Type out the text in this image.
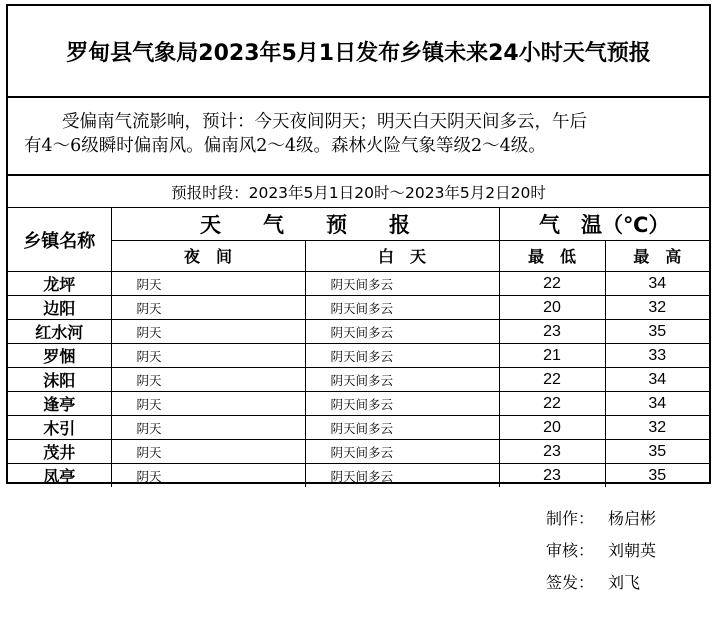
罗甸县气象局2023年5月1日发布乡镇未来24小时天气预报
受偏南气流影响，预计：今天夜间阴天；明天白天阴天间多云，午后
有4～6级瞬时偏南风。偏南风2～4级。森林火险气象等级2～4级。
预报时段：2023年5月1日20时～2023年5月2日20时
乡镇名称	天　　气　　预　　报		气　温（℃）	
	夜　间	白　天	最　低	最　高
龙坪	阴天	阴天间多云	22	34
边阳	阴天	阴天间多云	20	32
红水河	阴天	阴天间多云	23	35
罗悃	阴天	阴天间多云	21	33
沫阳	阴天	阴天间多云	22	34
逢亭	阴天	阴天间多云	22	34
木引	阴天	阴天间多云	20	32
茂井	阴天	阴天间多云	23	35
凤亭	阴天	阴天间多云	23	35
制作： 杨启彬
审核： 刘朝英
签发： 刘飞
